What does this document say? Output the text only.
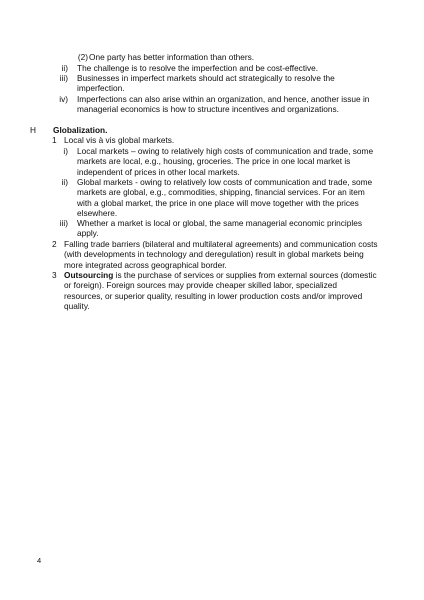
(2) One party has better information than others.
ii) The challenge is to resolve the imperfection and be cost-effective.
iii) Businesses in imperfect markets should act strategically to resolve the imperfection.
iv) Imperfections can also arise within an organization, and hence, another issue in managerial economics is how to structure incentives and organizations.
H	Globalization.
1 Local vis à vis global markets.
i) Local markets – owing to relatively high costs of communication and trade, some markets are local, e.g., housing, groceries. The price in one local market is independent of prices in other local markets.
ii) Global markets - owing to relatively low costs of communication and trade, some markets are global, e.g., commodities, shipping, financial services. For an item with a global market, the price in one place will move together with the prices elsewhere.
iii) Whether a market is local or global, the same managerial economic principles apply.
2 Falling trade barriers (bilateral and multilateral agreements) and communication costs (with developments in technology and deregulation) result in global markets being more integrated across geographical border.
3 Outsourcing is the purchase of services or supplies from external sources (domestic or foreign). Foreign sources may provide cheaper skilled labor, specialized resources, or superior quality, resulting in lower production costs and/or improved quality.
4
